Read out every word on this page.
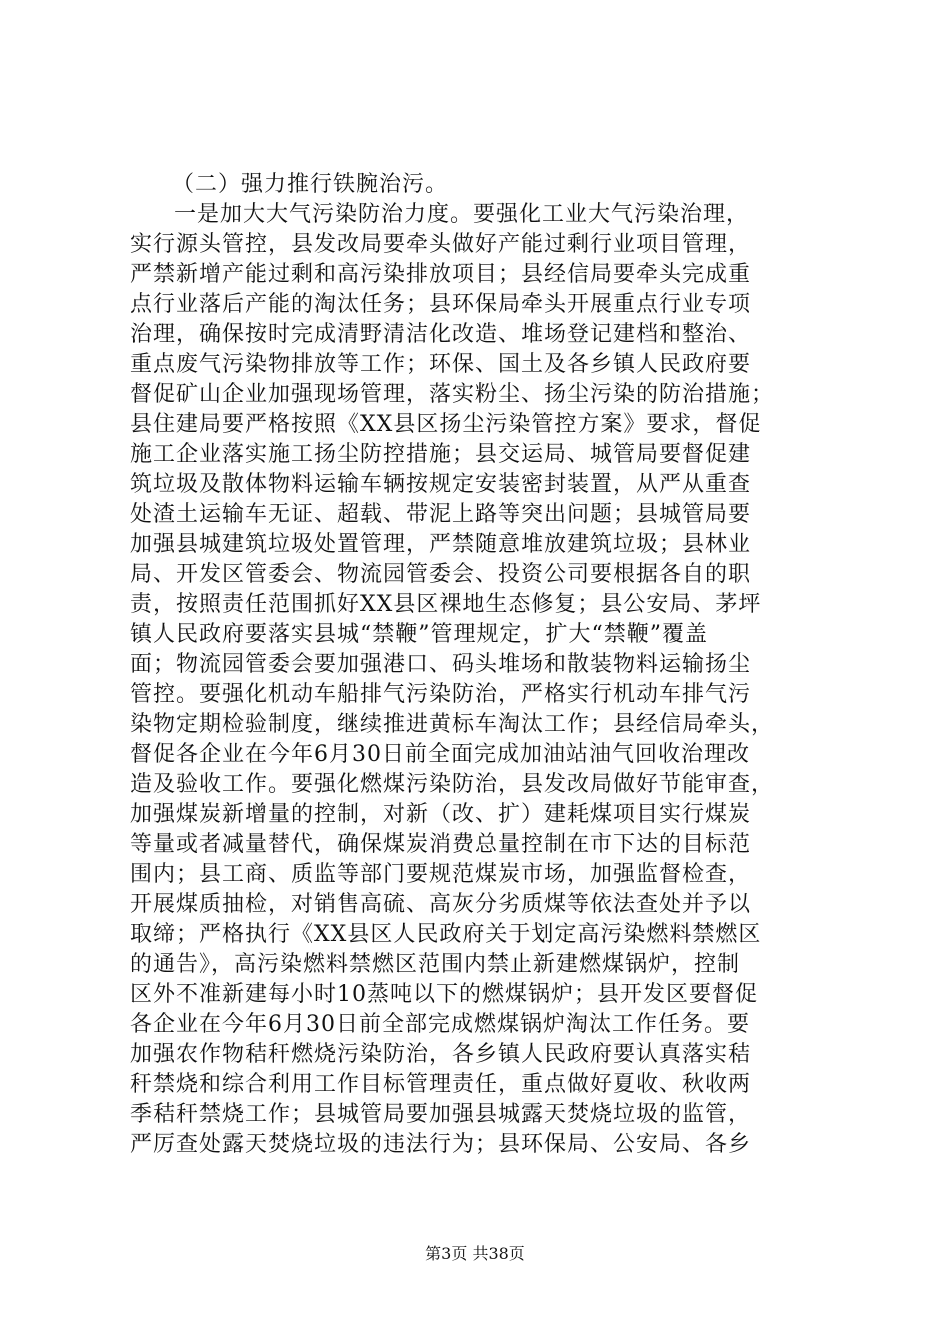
（二）强力推行铁腕治污。

一是加大大气污染防治力度。要强化工业大气污染治理，
实行源头管控，县发改局要牵头做好产能过剩行业项目管理，
严禁新增产能过剩和高污染排放项目；县经信局要牵头完成重
点行业落后产能的淘汰任务；县环保局牵头开展重点行业专项
治理，确保按时完成清野清洁化改造、堆场登记建档和整治、
重点废气污染物排放等工作；环保、国土及各乡镇人民政府要
督促矿山企业加强现场管理，落实粉尘、扬尘污染的防治措施；
县住建局要严格按照《XX县区扬尘污染管控方案》要求，督促
施工企业落实施工扬尘防控措施；县交运局、城管局要督促建
筑垃圾及散体物料运输车辆按规定安装密封装置，从严从重查
处渣土运输车无证、超载、带泥上路等突出问题；县城管局要
加强县城建筑垃圾处置管理，严禁随意堆放建筑垃圾；县林业
局、开发区管委会、物流园管委会、投资公司要根据各自的职
责，按照责任范围抓好XX县区裸地生态修复；县公安局、茅坪
镇人民政府要落实县城“禁鞭”管理规定，扩大“禁鞭”覆盖
面；物流园管委会要加强港口、码头堆场和散装物料运输扬尘
管控。要强化机动车船排气污染防治，严格实行机动车排气污
染物定期检验制度，继续推进黄标车淘汰工作；县经信局牵头，
督促各企业在今年6月30日前全面完成加油站油气回收治理改
造及验收工作。要强化燃煤污染防治，县发改局做好节能审查，
加强煤炭新增量的控制，对新（改、扩）建耗煤项目实行煤炭
等量或者减量替代，确保煤炭消费总量控制在市下达的目标范
围内；县工商、质监等部门要规范煤炭市场，加强监督检查，
开展煤质抽检，对销售高硫、高灰分劣质煤等依法查处并予以
取缔；严格执行《XX县区人民政府关于划定高污染燃料禁燃区
的通告》，高污染燃料禁燃区范围内禁止新建燃煤锅炉，控制
区外不准新建每小时10蒸吨以下的燃煤锅炉；县开发区要督促
各企业在今年6月30日前全部完成燃煤锅炉淘汰工作任务。要
加强农作物秸秆燃烧污染防治，各乡镇人民政府要认真落实秸
秆禁烧和综合利用工作目标管理责任，重点做好夏收、秋收两
季秸秆禁烧工作；县城管局要加强县城露天焚烧垃圾的监管，
严厉查处露天焚烧垃圾的违法行为；县环保局、公安局、各乡
第3页 共38页
